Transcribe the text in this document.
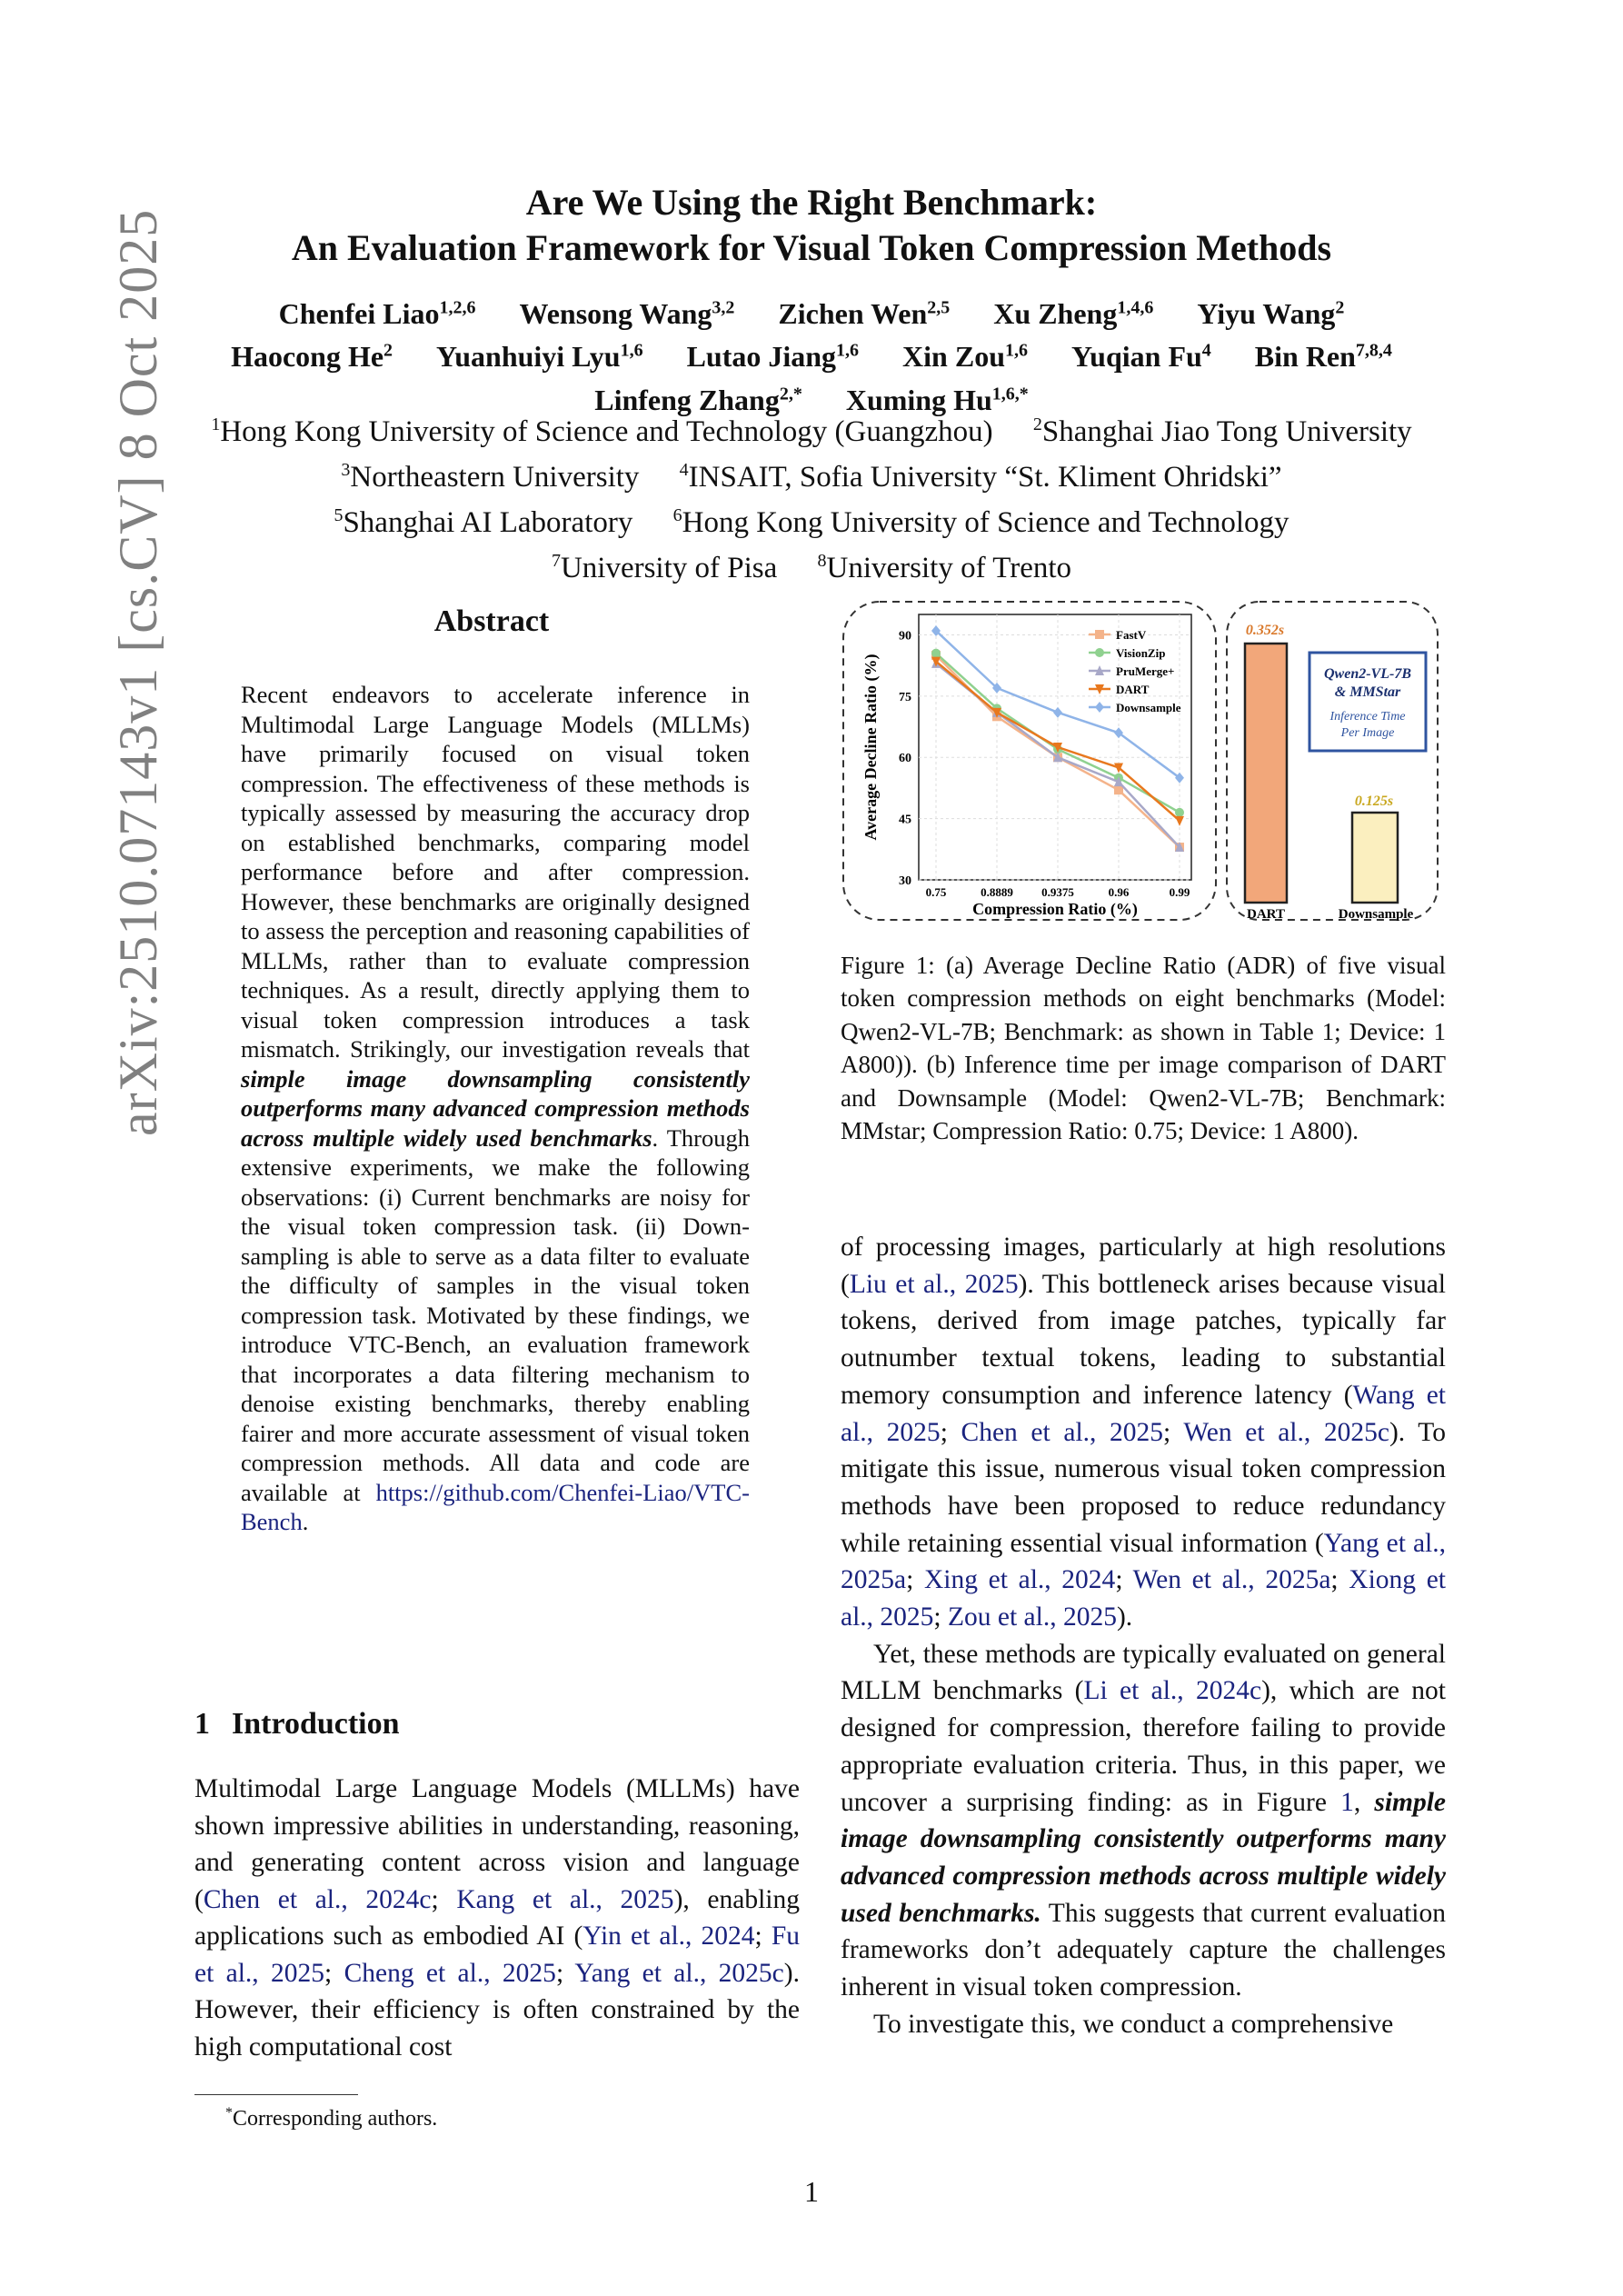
arXiv:2510.07143v1 [cs.CV] 8 Oct 2025
Are We Using the Right Benchmark:
An Evaluation Framework for Visual Token Compression Methods
Chenfei Liao$^{1,2,6}$ Wensong Wang$^{3,2}$ Zichen Wen$^{2,5}$ Xu Zheng$^{1,4,6}$ Yiyu Wang$^2$
Haocong He$^2$ Yuanhuiyi Lyu$^{1,6}$ Lutao Jiang$^{1,6}$ Xin Zou$^{1,6}$ Yuqian Fu$^4$ Bin Ren$^{7,8,4}$
Linfeng Zhang$^{2,*}$ Xuming $Hu^{1,6,*}$
$^1$Hong Kong University of Science and Technology (Guangzhou) $^2$Shanghai Jiao Tong University
$^3$Northeastern University $^4$INSAIT, Sofia University “St. Kliment Ohridski”
$^5$Shanghai AI Laboratory $^6$Hong Kong University of Science and Technology
$^7$University of Pisa $^8$University of Trento
Abstract
Recent endeavors to accelerate inference in Multimodal Large Language Models (MLLMs) have primarily focused on visual token compression. The effectiveness of these methods is typically assessed by measuring the accuracy drop on established benchmarks, comparing model performance before and after compression. However, these benchmarks are originally designed to assess the perception and reasoning capabilities of MLLMs, rather than to evaluate compression techniques. As a result, directly applying them to visual token compression introduces a task mismatch. Strikingly, our investigation reveals that simple image downsampling consistently outperforms many advanced compression methods across multiple widely used benchmarks. Through extensive experiments, we make the following observations: (i) Current benchmarks are noisy for the visual token compression task. (ii) Down-sampling is able to serve as a data filter to evaluate the difficulty of samples in the visual token compression task. Motivated by these findings, we introduce VTC-Bench, an evaluation framework that incorporates a data filtering mechanism to denoise existing benchmarks, thereby enabling fairer and more accurate assessment of visual token compression methods. All data and code are available at https://github.com/Chenfei-Liao/VTC-Bench.
1 Introduction

Multimodal Large Language Models (MLLMs) have shown impressive abilities in understanding, reasoning, and generating content across vision and language (Chen et al., 2024c; Kang et al., 2025), enabling applications such as embodied AI (Yin et al., 2024; Fu et al., 2025; Cheng et al., 2025; Yang et al., 2025c). However, their efficiency is often constrained by the high computational cost

*Corresponding authors.
1
30
45
60
75
90
0.75	0.8889 0.9375	0.96	0.99
FastV
VisionZip
PruMerge+
DART
Downsample
Compression Ratio (%)
Average Decline Ratio (%)
0.352s
DART
0.125s
Downsample
Qwen2-VL-7B
& MMStar
Inference Time
Per Image
Figure 1: (a) Average Decline Ratio (ADR) of five visual token compression methods on eight benchmarks (Model: Qwen2-VL-7B; Benchmark: as shown in Table 1; Device: 1 A800)). (b) Inference time per image comparison of DART and Downsample (Model: Qwen2-VL-7B; Benchmark: MMstar; Compression Ratio: 0.75; Device: 1 A800).

of processing images, particularly at high resolutions (Liu et al., 2025). This bottleneck arises because visual tokens, derived from image patches, typically far outnumber textual tokens, leading to substantial memory consumption and inference latency (Wang et al., 2025; Chen et al., 2025; Wen et al., 2025c). To mitigate this issue, numerous visual token compression methods have been proposed to reduce redundancy while retaining essential visual information (Yang et al., 2025a; Xing et al., 2024; Wen et al., 2025a; Xiong et al., 2025; Zou et al., 2025).

Yet, these methods are typically evaluated on general MLLM benchmarks (Li et al., 2024c), which are not designed for compression, therefore failing to provide appropriate evaluation criteria. Thus, in this paper, we uncover a surprising finding: as in Figure 1, simple image downsampling consistently outperforms many advanced compression methods across multiple widely used benchmarks. This suggests that current evaluation frameworks don’t adequately capture the challenges inherent in visual token compression.

To investigate this, we conduct a comprehensive
